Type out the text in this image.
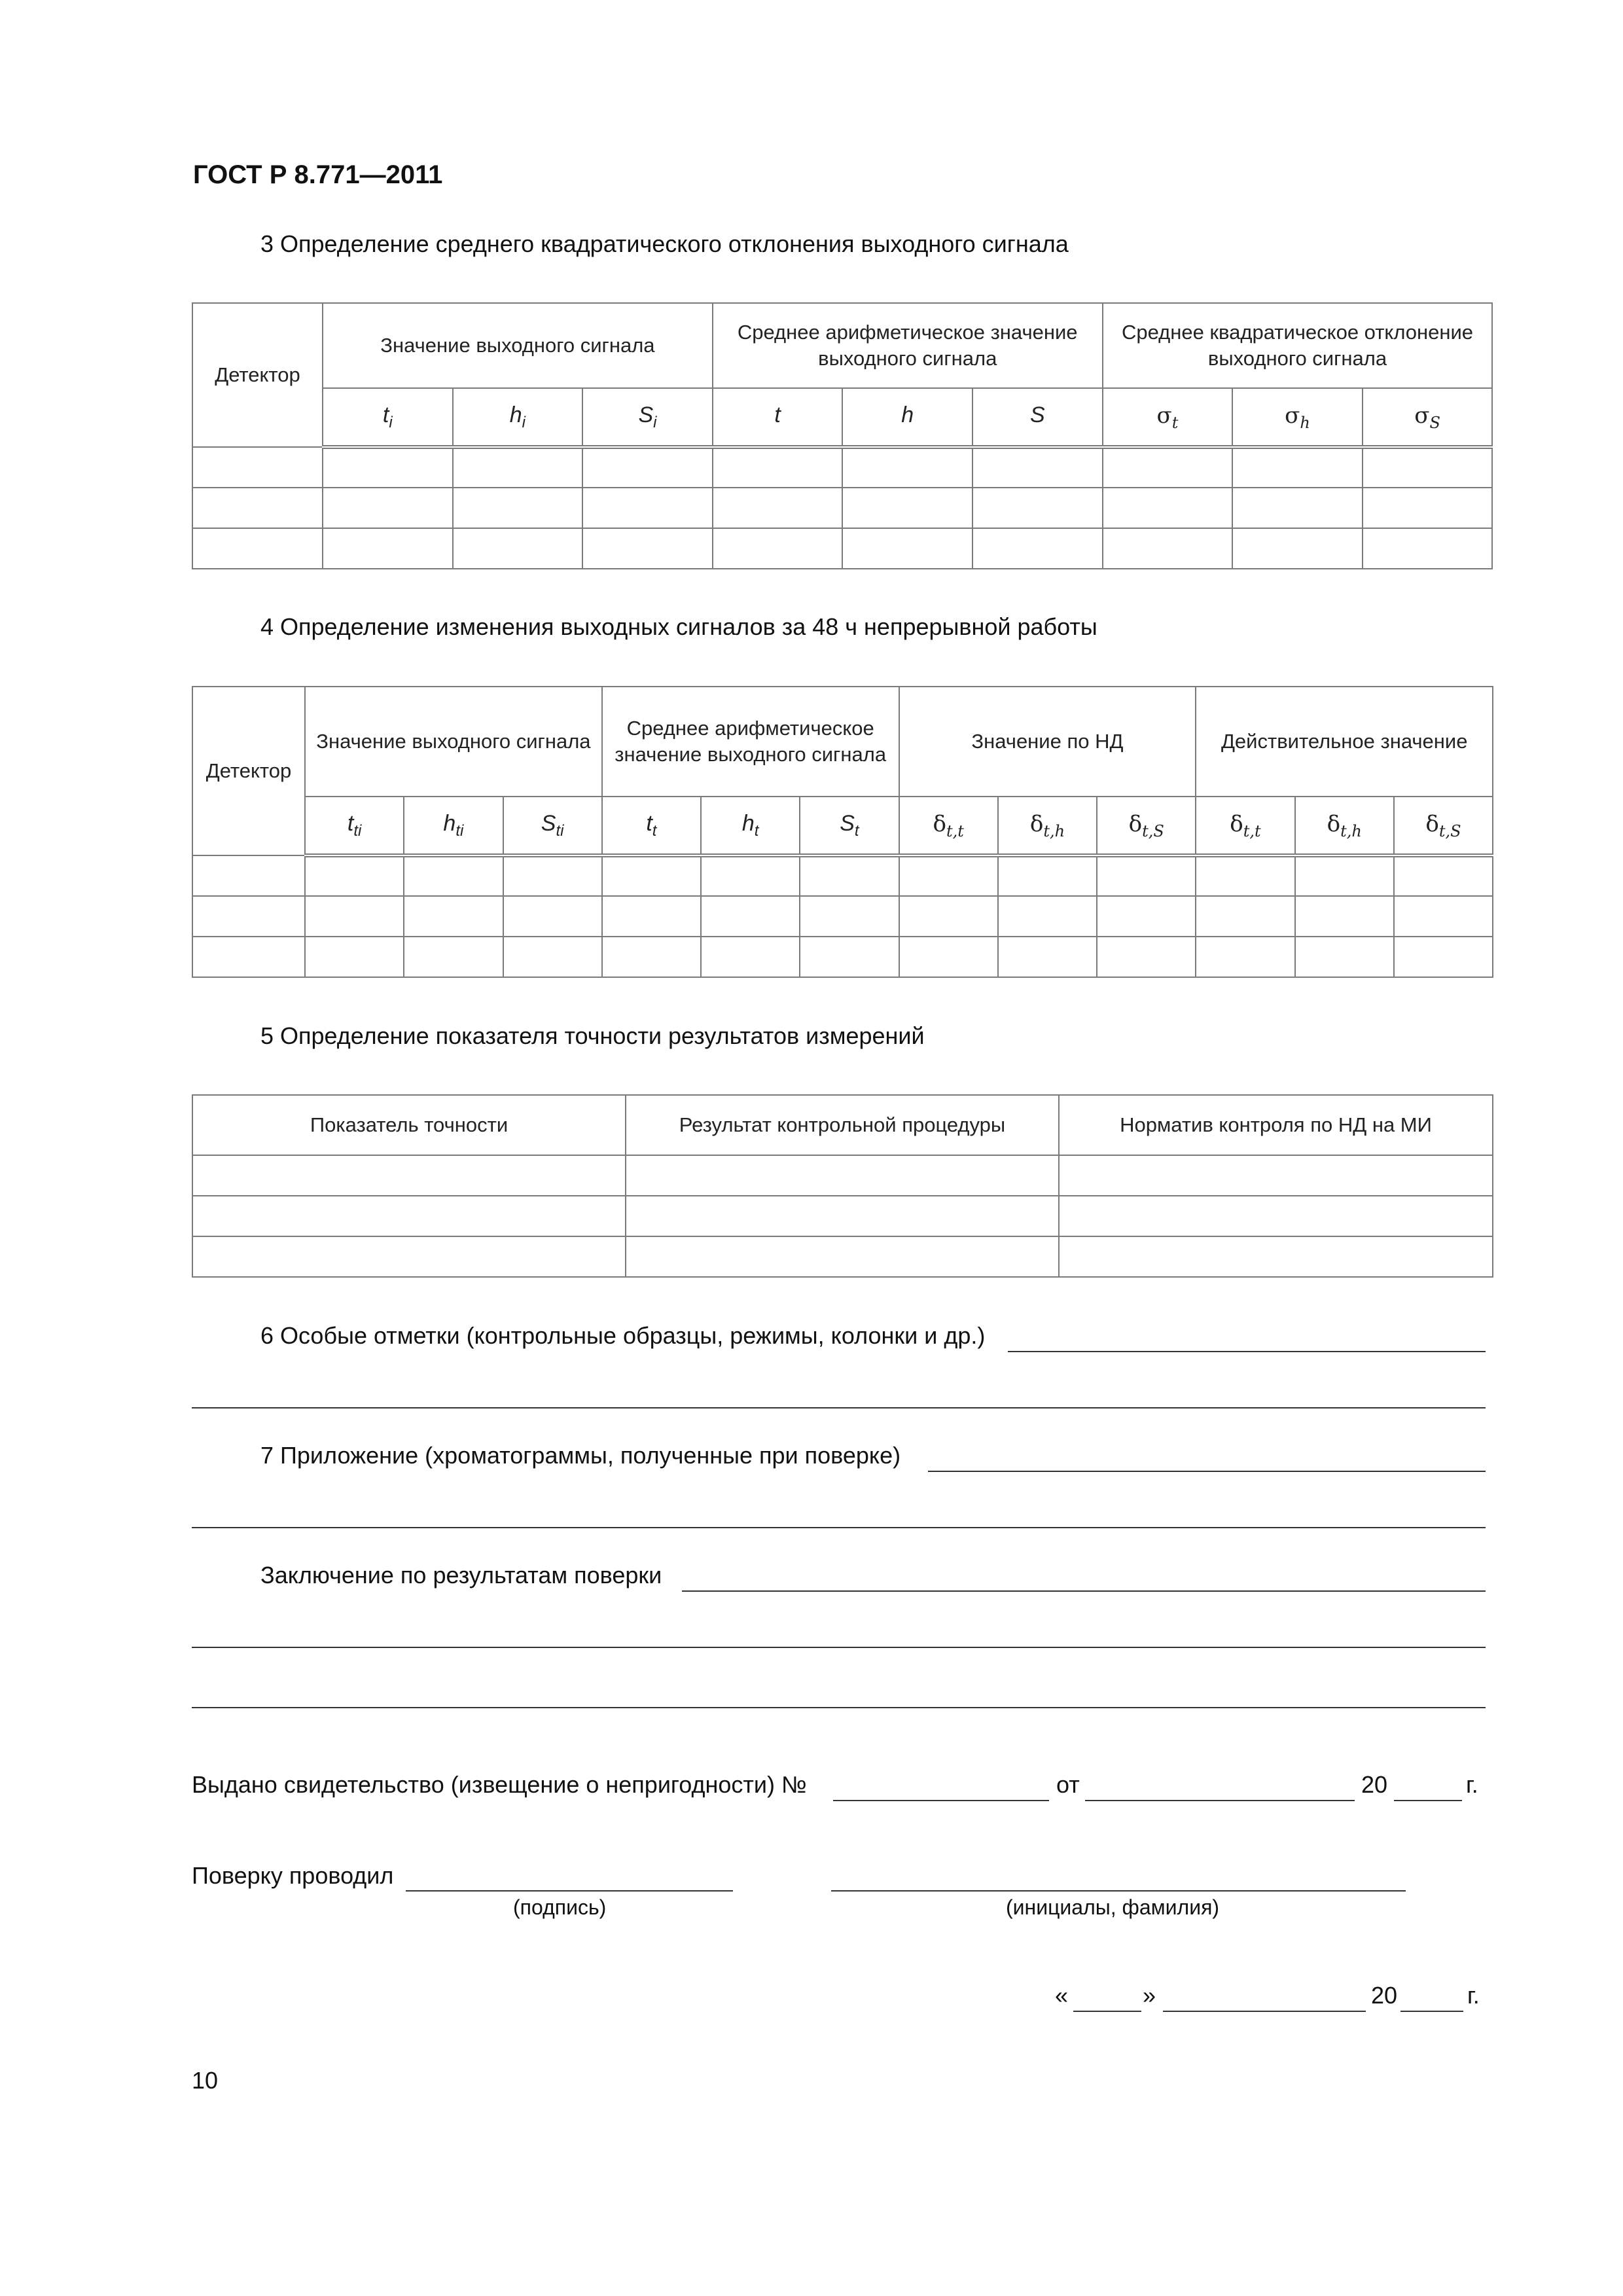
ГОСТ Р 8.771—2011
3 Определение среднего квадратического отклонения выходного сигнала
Детектор	Значение выходного сигнала			Среднее арифметическое значение выходного сигнала			Среднее квадратическое отклонение выходного сигнала		
	$t_i$	$h_i$	$S_i$	t	h	S	$\sigma_t$	$\sigma_h$	$\sigma_S$

4 Определение изменения выходных сигналов за 48 ч непрерывной работы
Детектор	Значение выходного сигнала			Среднее арифметическое значение выходного сигнала			Значение по НД			Действительное значение		
	$t_{ti}$	$h_{ti}$	$S_{ti}$	$t_t$	$h_t$	$S_t$	$\delta_{t,t}$	$\delta_{t,h}$	$\delta_{t,S}$	$\delta_{t,t}$	$\delta_{t,h}$	$\delta_{t,S}$

5 Определение показателя точности результатов измерений
Показатель точности	Результат контрольной процедуры	Норматив контроля по НД на МИ

6 Особые отметки (контрольные образцы, режимы, колонки и др.)
7 Приложение (хроматограммы, полученные при поверке)
Заключение по результатам поверки
Выдано свидетельство (извещение о непригодности) №	от	20	г.
Поверку проводил
(подпись)	(инициалы, фамилия)
«	»	20	г.
10
